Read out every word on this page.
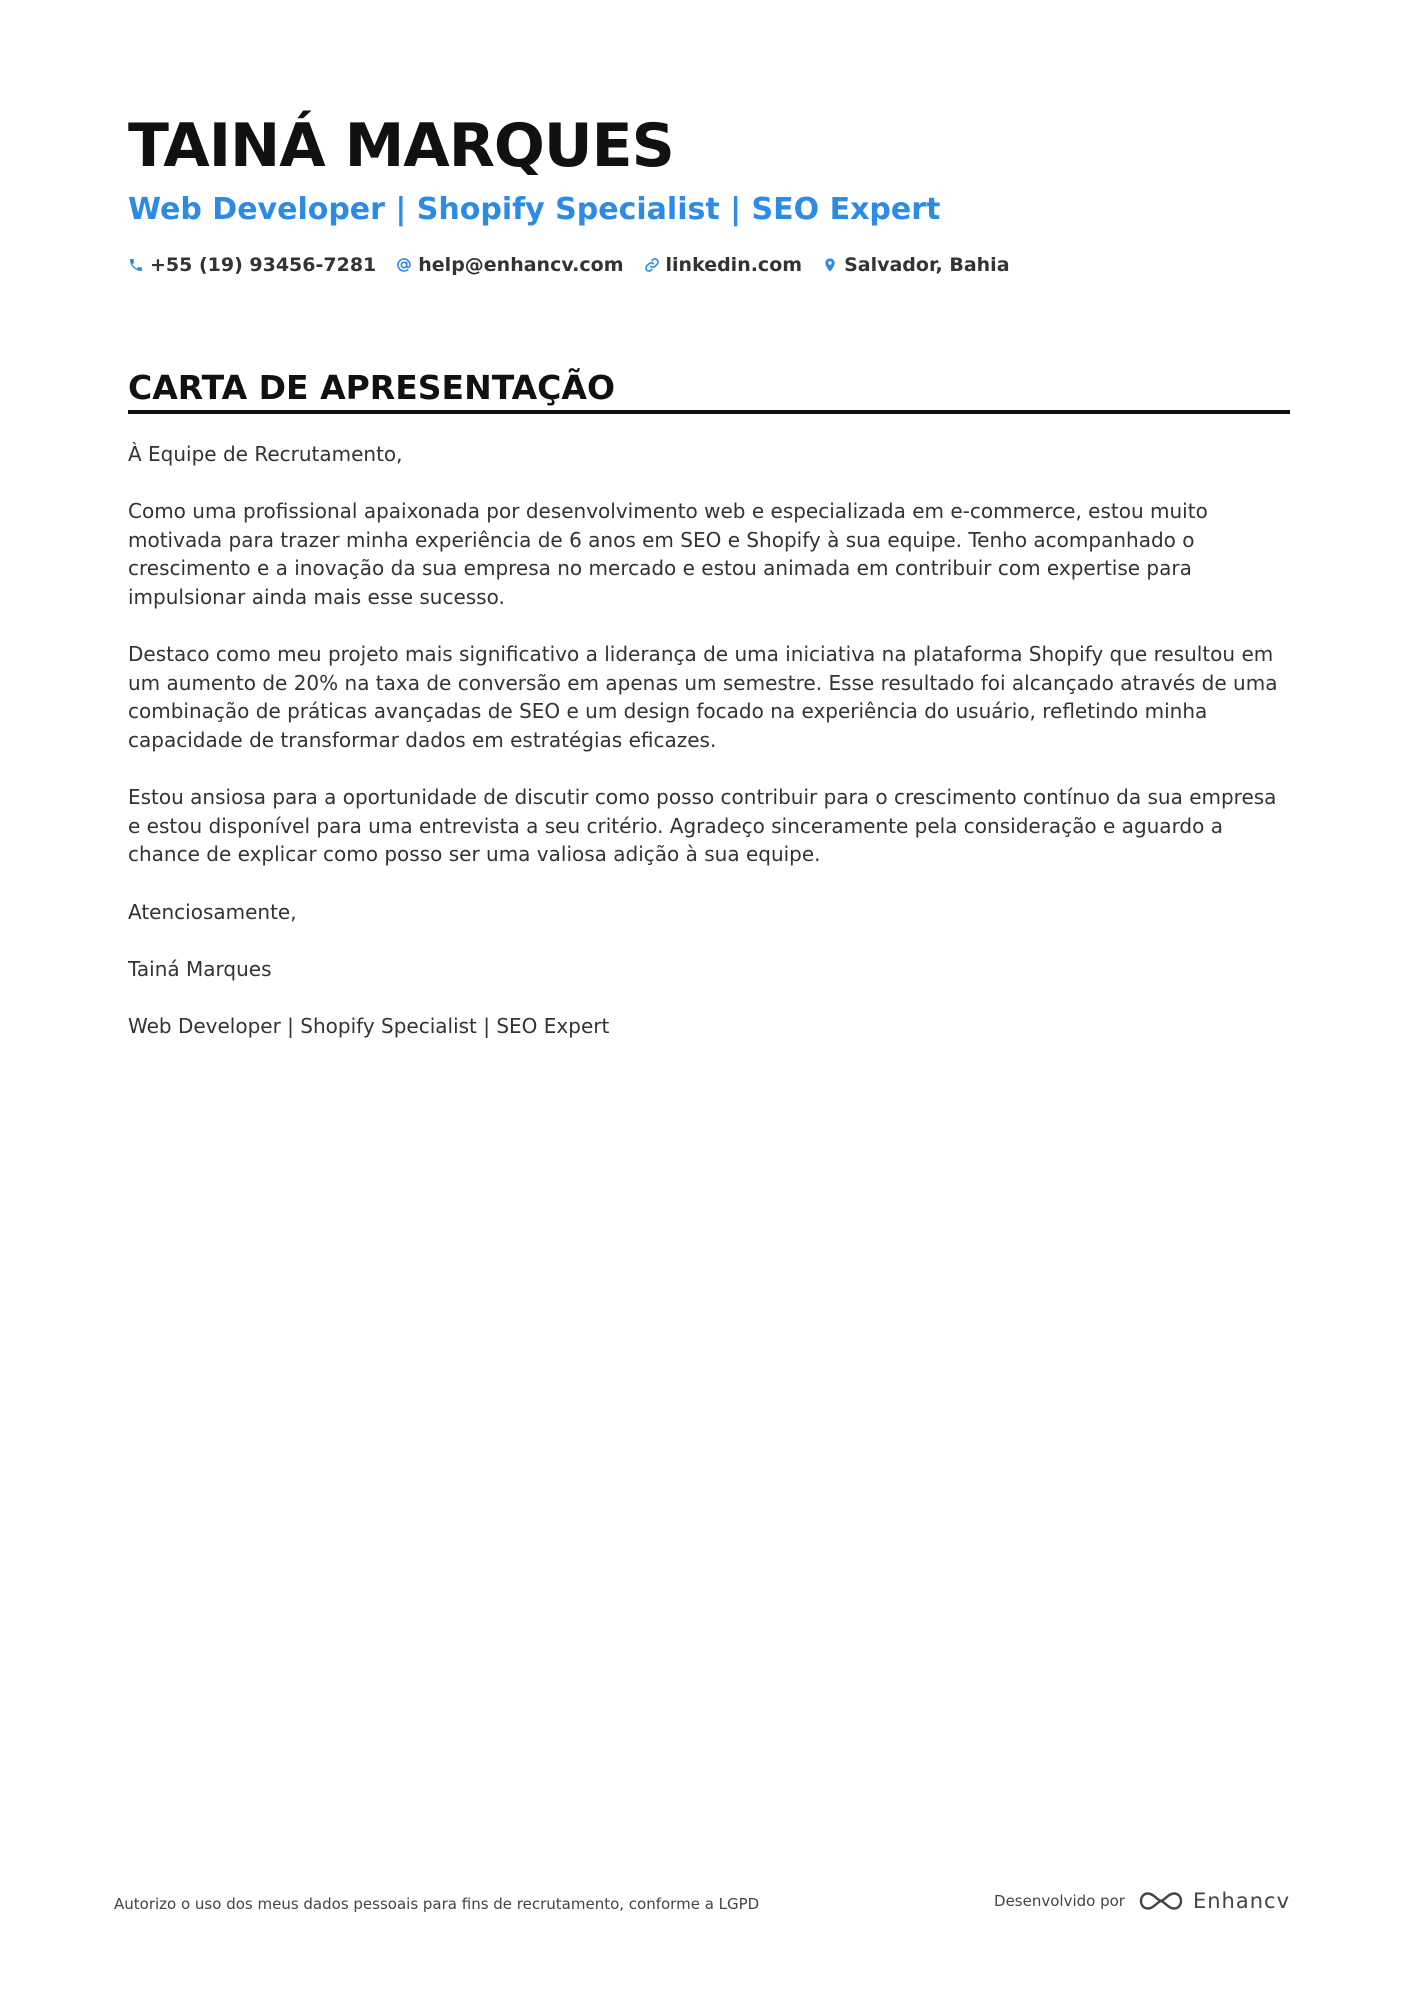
TAINÁ MARQUES
Web Developer | Shopify Specialist | SEO Expert
+55 (19) 93456-7281 help@enhancv.com linkedin.com Salvador, Bahia
CARTA DE APRESENTAÇÃO

À Equipe de Recrutamento,

Como uma profissional apaixonada por desenvolvimento web e especializada em e-commerce, estou muito motivada para trazer minha experiência de 6 anos em SEO e Shopify à sua equipe. Tenho acompanhado o crescimento e a inovação da sua empresa no mercado e estou animada em contribuir com expertise para impulsionar ainda mais esse sucesso.

Destaco como meu projeto mais significativo a liderança de uma iniciativa na plataforma Shopify que resultou em um aumento de 20% na taxa de conversão em apenas um semestre. Esse resultado foi alcançado através de uma combinação de práticas avançadas de SEO e um design focado na experiência do usuário, refletindo minha capacidade de transformar dados em estratégias eficazes.

Estou ansiosa para a oportunidade de discutir como posso contribuir para o crescimento contínuo da sua empresa e estou disponível para uma entrevista a seu critério. Agradeço sinceramente pela consideração e aguardo a chance de explicar como posso ser uma valiosa adição à sua equipe.

Atenciosamente,

Tainá Marques

Web Developer | Shopify Specialist | SEO Expert

Autorizo o uso dos meus dados pessoais para fins de recrutamento, conforme a LGPD	Desenvolvido por	Enhancv
